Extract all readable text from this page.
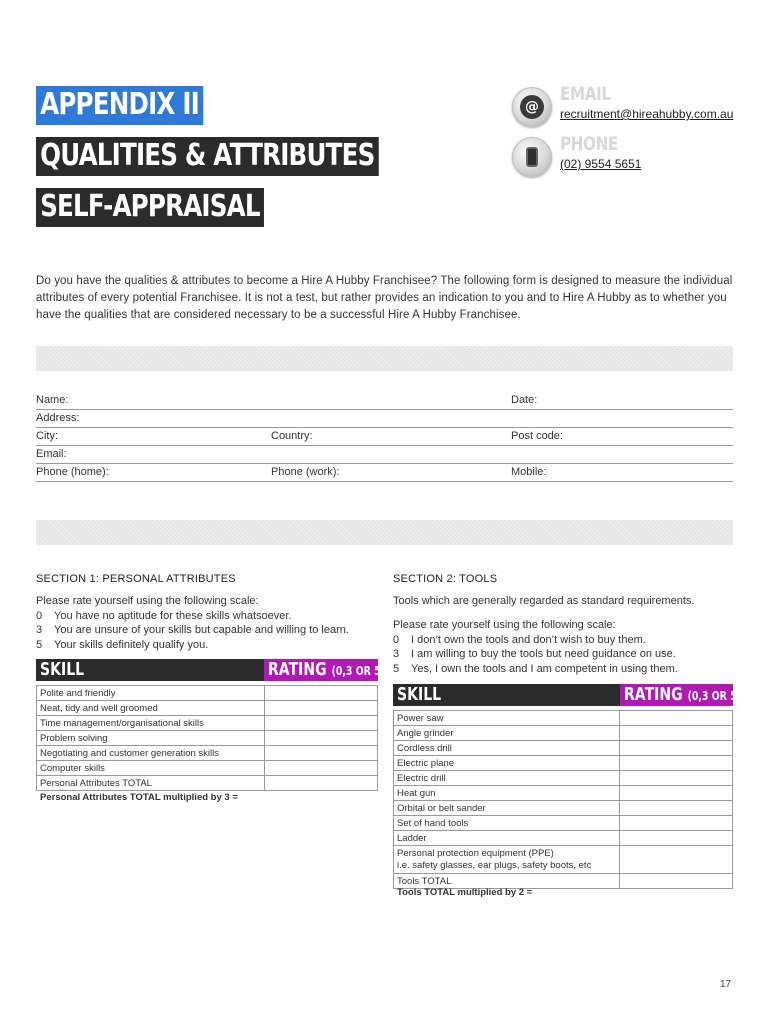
APPENDIX II
QUALITIES & ATTRIBUTES
SELF-APPRAISAL
@
EMAIL
recruitment@hireahubby.com.au
PHONE
(02) 9554 5651

Do you have the qualities & attributes to become a Hire A Hubby Franchisee? The following form is designed to measure the individual attributes of every potential Franchisee. It is not a test, but rather provides an indication to you and to Hire A Hubby as to whether you have the qualities that are considered necessary to be a successful Hire A Hubby Franchisee.

Name:	Date:
Address:
City:	Country:	Post code:
Email:
Phone (home):	Phone (work):	Mobile:
SECTION 1: PERSONAL ATTRIBUTES
Please rate yourself using the following scale:
0 You have no aptitude for these skills whatsoever.
3 You are unsure of your skills but capable and willing to learn.
5 Your skills definitely qualify you.
SKILL	RATING (0,3 OR 5)
Polite and friendly	
Neat, tidy and well groomed	
Time management/organisational skills	
Problem solving	
Negotiating and customer generation skills	
Computer skills	
Personal Attributes TOTAL	
Personal Attributes TOTAL multiplied by 3 =
SECTION 2: TOOLS
Tools which are generally regarded as standard requirements.
Please rate yourself using the following scale:
0 I don’t own the tools and don’t wish to buy them.
3 I am willing to buy the tools but need guidance on use.
5 Yes, I own the tools and I am competent in using them.
SKILL	RATING (0,3 OR 5)
Power saw	
Angle grinder	
Cordless drill	
Electric plane	
Electric drill	
Heat gun	
Orbital or belt sander	
Set of hand tools	
Ladder	

Personal protection equipment (PPE)
i.e. safety glasses, ear plugs, safety boots, etc	

Tools TOTAL	
Tools TOTAL multiplied by 2 =
17
